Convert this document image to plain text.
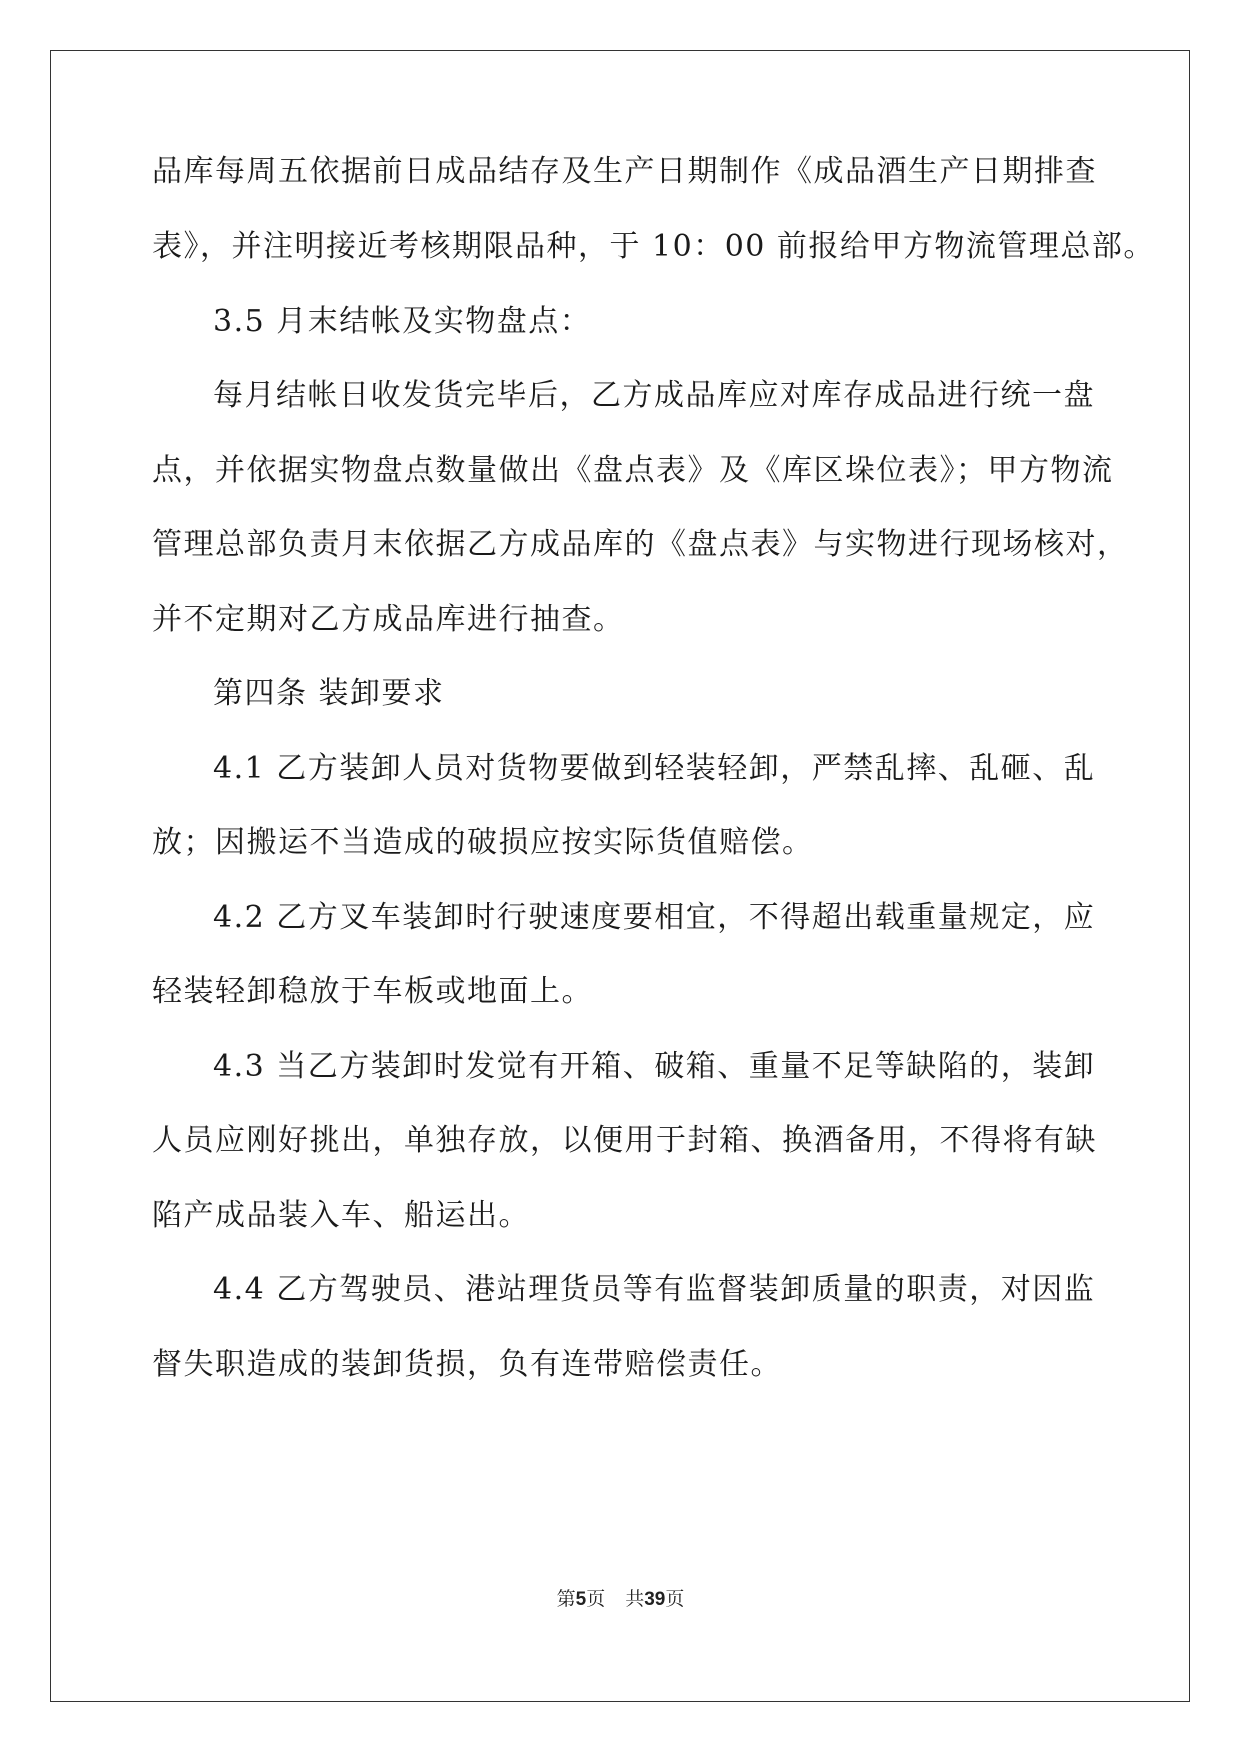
品库每周五依据前日成品结存及生产日期制作《成品酒生产日期排查
表》，并注明接近考核期限品种，于 10：00 前报给甲方物流管理总部。
3.5 月末结帐及实物盘点：
每月结帐日收发货完毕后，乙方成品库应对库存成品进行统一盘
点，并依据实物盘点数量做出《盘点表》及《库区垛位表》；甲方物流
管理总部负责月末依据乙方成品库的《盘点表》与实物进行现场核对，
并不定期对乙方成品库进行抽查。
第四条 装卸要求
4.1 乙方装卸人员对货物要做到轻装轻卸，严禁乱摔、乱砸、乱
放；因搬运不当造成的破损应按实际货值赔偿。
4.2 乙方叉车装卸时行驶速度要相宜，不得超出载重量规定，应
轻装轻卸稳放于车板或地面上。
4.3 当乙方装卸时发觉有开箱、破箱、重量不足等缺陷的，装卸
人员应刚好挑出，单独存放，以便用于封箱、换酒备用，不得将有缺
陷产成品装入车、船运出。
4.4 乙方驾驶员、港站理货员等有监督装卸质量的职责，对因监
督失职造成的装卸货损，负有连带赔偿责任。
第5页 共39页
